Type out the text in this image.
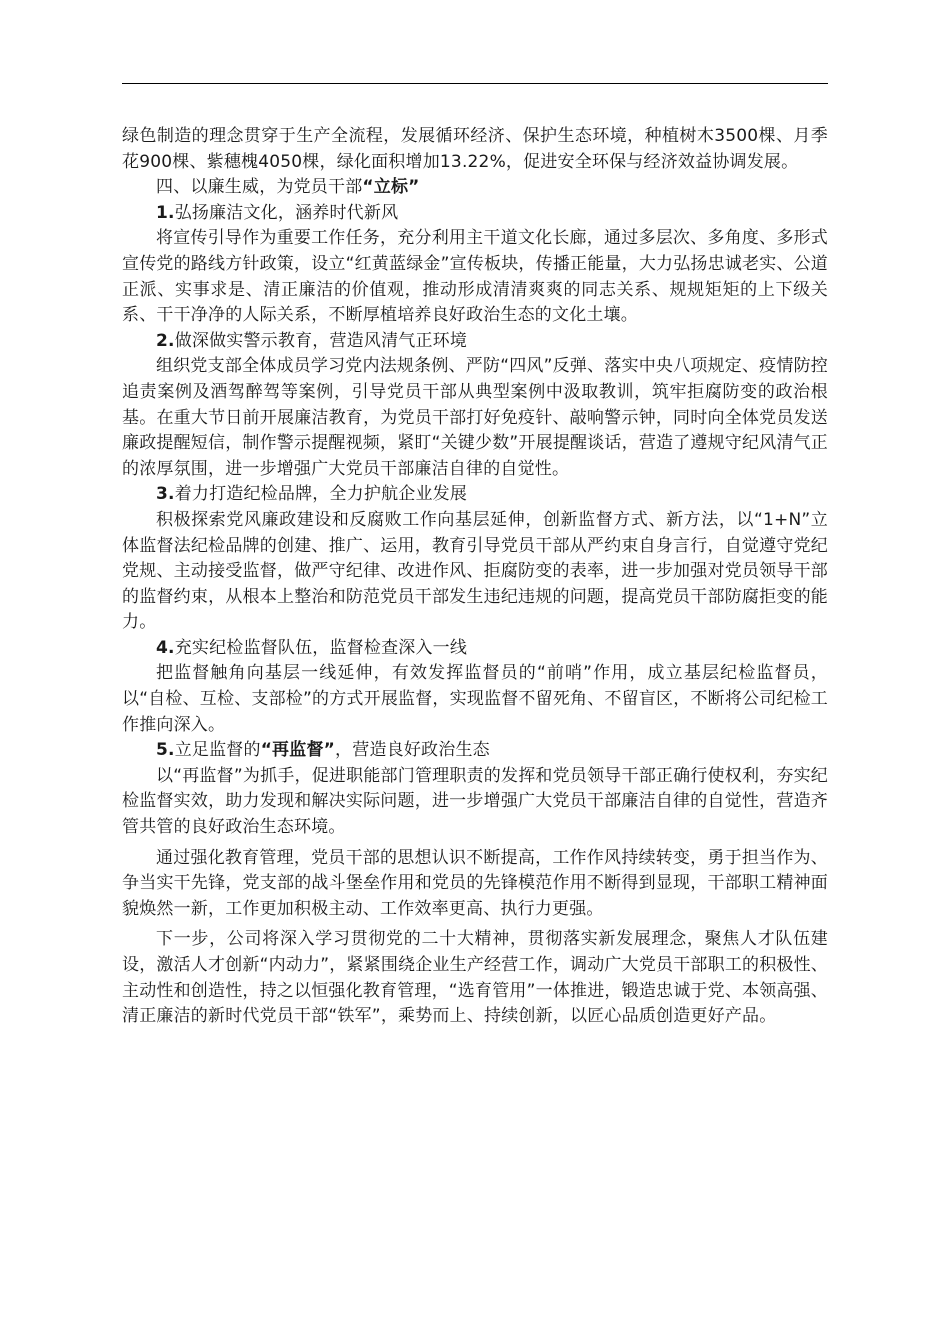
绿色制造的理念贯穿于生产全流程，发展循环经济、保护生态环境，种植树木3500棵、月季花900棵、紫穗槐4050棵，绿化面积增加13.22%，促进安全环保与经济效益协调发展。

四、以廉生威，为党员干部“立标”

1.弘扬廉洁文化，涵养时代新风

将宣传引导作为重要工作任务，充分利用主干道文化长廊，通过多层次、多角度、多形式宣传党的路线方针政策，设立“红黄蓝绿金”宣传板块，传播正能量，大力弘扬忠诚老实、公道正派、实事求是、清正廉洁的价值观，推动形成清清爽爽的同志关系、规规矩矩的上下级关系、干干净净的人际关系，不断厚植培养良好政治生态的文化土壤。

2.做深做实警示教育，营造风清气正环境

组织党支部全体成员学习党内法规条例、严防“四风”反弹、落实中央八项规定、疫情防控追责案例及酒驾醉驾等案例，引导党员干部从典型案例中汲取教训，筑牢拒腐防变的政治根基。在重大节日前开展廉洁教育，为党员干部打好免疫针、敲响警示钟，同时向全体党员发送廉政提醒短信，制作警示提醒视频，紧盯“关键少数”开展提醒谈话，营造了遵规守纪风清气正的浓厚氛围，进一步增强广大党员干部廉洁自律的自觉性。

3.着力打造纪检品牌，全力护航企业发展

积极探索党风廉政建设和反腐败工作向基层延伸，创新监督方式、新方法，以“1+N”立体监督法纪检品牌的创建、推广、运用，教育引导党员干部从严约束自身言行，自觉遵守党纪党规、主动接受监督，做严守纪律、改进作风、拒腐防变的表率，进一步加强对党员领导干部的监督约束，从根本上整治和防范党员干部发生违纪违规的问题，提高党员干部防腐拒变的能力。

4.充实纪检监督队伍，监督检查深入一线

把监督触角向基层一线延伸，有效发挥监督员的“前哨”作用，成立基层纪检监督员，以“自检、互检、支部检”的方式开展监督，实现监督不留死角、不留盲区，不断将公司纪检工作推向深入。

5.立足监督的“再监督”，营造良好政治生态

以“再监督”为抓手，促进职能部门管理职责的发挥和党员领导干部正确行使权利，夯实纪检监督实效，助力发现和解决实际问题，进一步增强广大党员干部廉洁自律的自觉性，营造齐管共管的良好政治生态环境。

通过强化教育管理，党员干部的思想认识不断提高，工作作风持续转变，勇于担当作为、争当实干先锋，党支部的战斗堡垒作用和党员的先锋模范作用不断得到显现，干部职工精神面貌焕然一新，工作更加积极主动、工作效率更高、执行力更强。

下一步，公司将深入学习贯彻党的二十大精神，贯彻落实新发展理念，聚焦人才队伍建设，激活人才创新“内动力”，紧紧围绕企业生产经营工作，调动广大党员干部职工的积极性、主动性和创造性，持之以恒强化教育管理，“选育管用”一体推进，锻造忠诚于党、本领高强、清正廉洁的新时代党员干部“铁军”，乘势而上、持续创新，以匠心品质创造更好产品。
